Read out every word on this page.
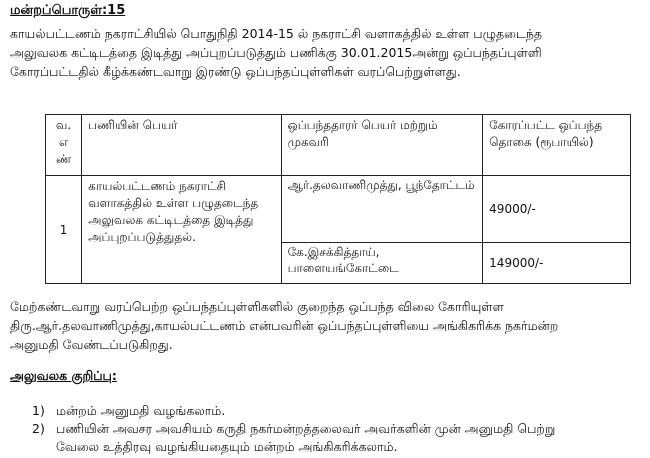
மன்றப்பொருள்:15
காயல்பட்டணம் நகராட்சியில் பொதுநிதி 2014-15 ல் நகராட்சி வளாகத்தில் உள்ள பழுதடைந்த
அலுவலக கட்டிடத்தை இடித்து அப்புறப்படுத்தும் பணிக்கு 30.01.2015அன்று ஒப்பந்தப்புள்ளி
கோரப்பட்டதில் கீழ்க்கண்டவாறு இரண்டு ஒப்பந்தப்புள்ளிகள் வரப்பெற்றுள்ளது.
வ. எ ண்	பணியின் பெயர்	ஒப்பந்ததாரர் பெயர் மற்றும் முகவரி	கோரப்பட்ட ஒப்பந்த தொகை (ரூபாயில்)
1	காயல்பட்டணம் நகராட்சி வளாகத்தில் உள்ள பழுதடைந்த அலுவலக கட்டிடத்தை இடித்து அப்புறப்படுத்துதல்.	ஆர்.தலவாணிமுத்து, பூந்தோட்டம்	49000/-
		கே.இசக்கித்தாய், பாளையங்கோட்டை	149000/-
மேற்கண்டவாறு வரப்பெற்ற ஒப்பந்தப்புள்ளிகளில் குறைந்த ஒப்பந்த விலை கோரியுள்ள
திரு.ஆர்.தலவாணிமுத்து,காயல்பட்டணம் என்பவரின் ஒப்பந்தப்புள்ளியை அங்கிகரிக்க நகர்மன்ற
அனுமதி வேண்டப்படுகிறது.
அலுவலக குறிப்பு:
1) மன்றம் அனுமதி வழங்கலாம்.
2) பணியின் அவசர அவசியம் கருதி நகர்மன்றத்தலைவர் அவர்களின் முன் அனுமதி பெற்று
வேலை உத்திரவு வழங்கியதையும் மன்றம் அங்கிகரிக்கலாம்.
